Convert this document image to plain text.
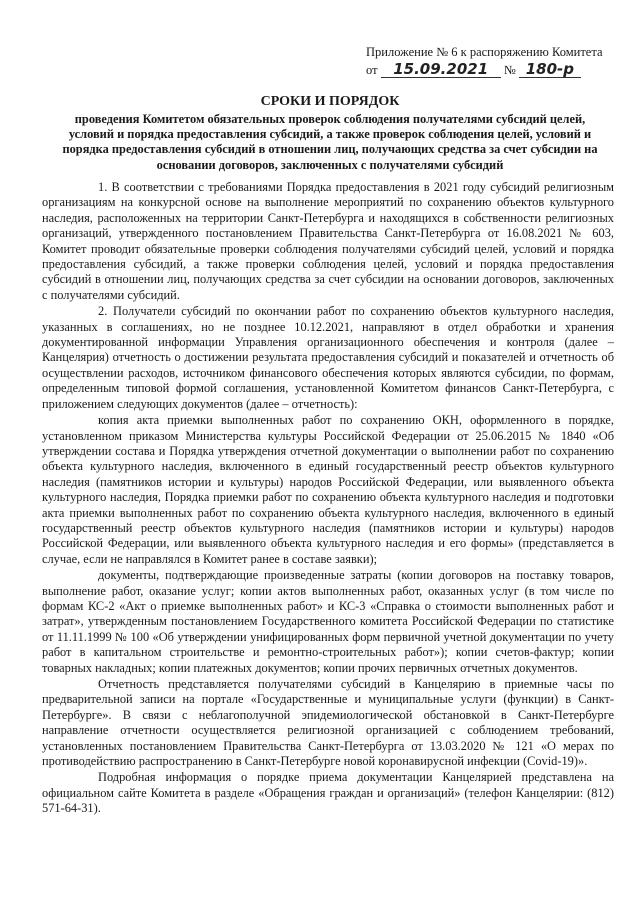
Приложение № 6 к распоряжению Комитета
от 15.09.2021 № 180-р
СРОКИ И ПОРЯДОК
проведения Комитетом обязательных проверок соблюдения получателями субсидий целей, условий и порядка предоставления субсидий, а также проверок соблюдения целей, условий и порядка предоставления субсидий в отношении лиц, получающих средства за счет субсидии на основании договоров, заключенных с получателями субсидий

1. В соответствии с требованиями Порядка предоставления в 2021 году субсидий религиозным организациям на конкурсной основе на выполнение мероприятий по сохранению объектов культурного наследия, расположенных на территории Санкт-Петербурга и находящихся в собственности религиозных организаций, утвержденного постановлением Правительства Санкт-Петербурга от 16.08.2021 № 603, Комитет проводит обязательные проверки соблюдения получателями субсидий целей, условий и порядка предоставления субсидий, а также проверки соблюдения целей, условий и порядка предоставления субсидий в отношении лиц, получающих средства за счет субсидии на основании договоров, заключенных с получателями субсидий.

2. Получатели субсидий по окончании работ по сохранению объектов культурного наследия, указанных в соглашениях, но не позднее 10.12.2021, направляют в отдел обработки и хранения документированной информации Управления организационного обеспечения и контроля (далее – Канцелярия) отчетность о достижении результата предоставления субсидий и показателей и отчетность об осуществлении расходов, источником финансового обеспечения которых являются субсидии, по формам, определенным типовой формой соглашения, установленной Комитетом финансов Санкт-Петербурга, с приложением следующих документов (далее – отчетность):

копия акта приемки выполненных работ по сохранению ОКН, оформленного в порядке, установленном приказом Министерства культуры Российской Федерации от 25.06.2015 № 1840 «Об утверждении состава и Порядка утверждения отчетной документации о выполнении работ по сохранению объекта культурного наследия, включенного в единый государственный реестр объектов культурного наследия (памятников истории и культуры) народов Российской Федерации, или выявленного объекта культурного наследия, Порядка приемки работ по сохранению объекта культурного наследия и подготовки акта приемки выполненных работ по сохранению объекта культурного наследия, включенного в единый государственный реестр объектов культурного наследия (памятников истории и культуры) народов Российской Федерации, или выявленного объекта культурного наследия и его формы» (представляется в случае, если не направлялся в Комитет ранее в составе заявки);

документы, подтверждающие произведенные затраты (копии договоров на поставку товаров, выполнение работ, оказание услуг; копии актов выполненных работ, оказанных услуг (в том числе по формам КС-2 «Акт о приемке выполненных работ» и КС-3 «Справка о стоимости выполненных работ и затрат», утвержденным постановлением Государственного комитета Российской Федерации по статистике от 11.11.1999 № 100 «Об утверждении унифицированных форм первичной учетной документации по учету работ в капитальном строительстве и ремонтно-строительных работ»); копии счетов-фактур; копии товарных накладных; копии платежных документов; копии прочих первичных отчетных документов.

Отчетность представляется получателями субсидий в Канцелярию в приемные часы по предварительной записи на портале «Государственные и муниципальные услуги (функции) в Санкт-Петербурге». В связи с неблагополучной эпидемиологической обстановкой в Санкт-Петербурге направление отчетности осуществляется религиозной организацией с соблюдением требований, установленных постановлением Правительства Санкт-Петербурга от 13.03.2020 № 121 «О мерах по противодействию распространению в Санкт-Петербурге новой коронавирусной инфекции (Covid-19)».

Подробная информация о порядке приема документации Канцелярией представлена на официальном сайте Комитета в разделе «Обращения граждан и организаций» (телефон Канцелярии: (812) 571-64-31).
